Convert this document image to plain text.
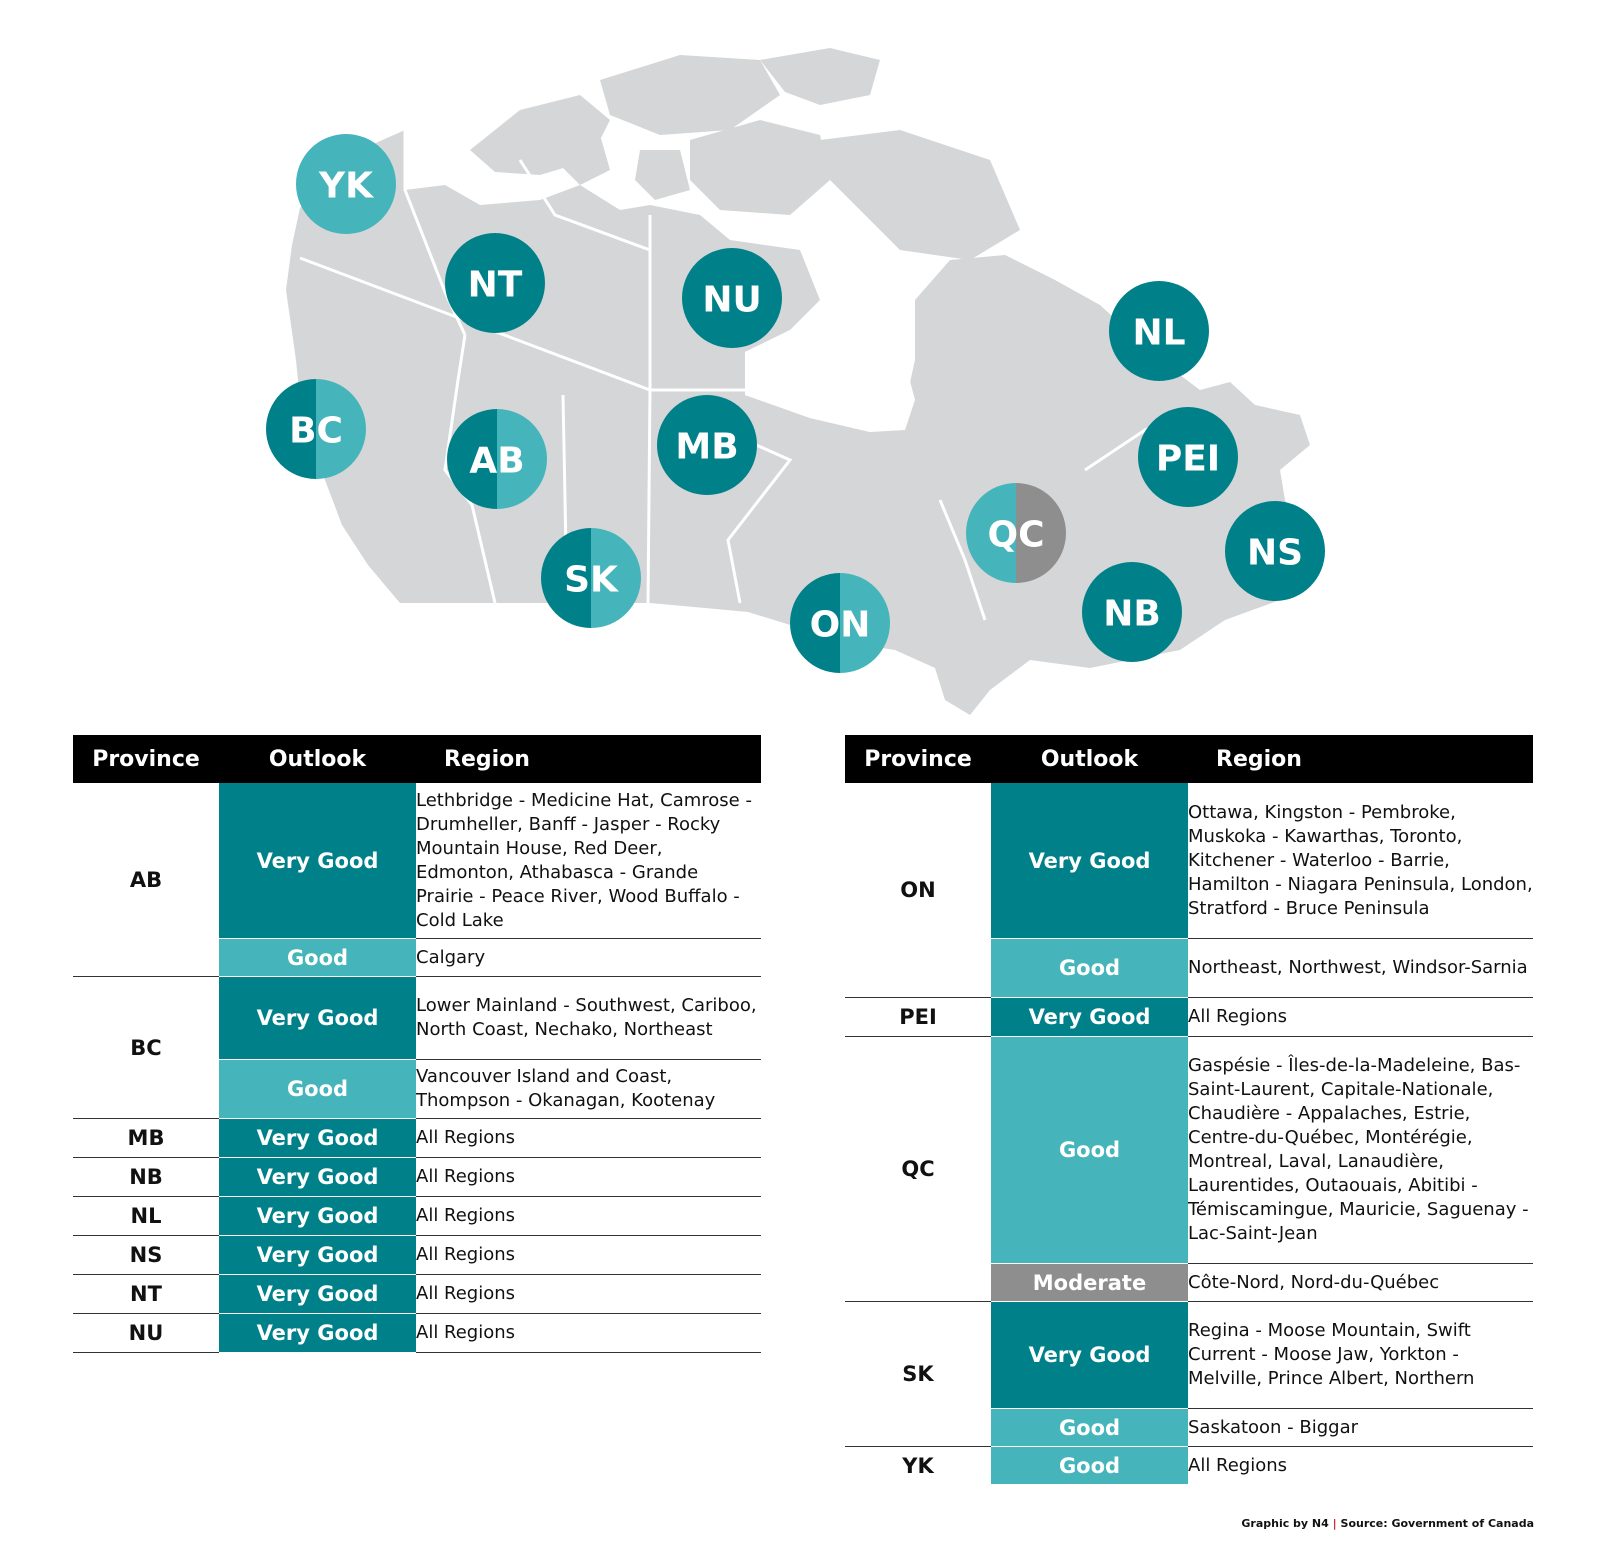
YK
NT	NU
NL
BC
AB	MB	PEI
QC	NS
SK
NB
ON
Province	Outlook	Region
AB	Very Good	Lethbridge - Medicine Hat, Camrose - Drumheller, Banff - Jasper - Rocky Mountain House, Red Deer, Edmonton, Athabasca - Grande Prairie - Peace River, Wood Buffalo - Cold Lake
	Good	Calgary
BC	Very Good	Lower Mainland - Southwest, Cariboo, North Coast, Nechako, Northeast
	Good	Vancouver Island and Coast, Thompson - Okanagan, Kootenay
MB	Very Good	All Regions
NB	Very Good	All Regions
NL	Very Good	All Regions
NS	Very Good	All Regions
NT	Very Good	All Regions
NU	Very Good	All Regions
Province	Outlook	Region
ON	Very Good	Ottawa, Kingston - Pembroke, Muskoka - Kawarthas, Toronto, Kitchener - Waterloo - Barrie, Hamilton - Niagara Peninsula, London, Stratford - Bruce Peninsula
	Good	Northeast, Northwest, Windsor-Sarnia
PEI	Very Good	All Regions
QC	Good	Gaspésie - Îles-de-la-Madeleine, Bas-Saint-Laurent, Capitale-Nationale, Chaudière - Appalaches, Estrie, Centre-du-Québec, Montérégie, Montreal, Laval, Lanaudière, Laurentides, Outaouais, Abitibi - Témiscamingue, Mauricie, Saguenay - Lac-Saint-Jean
	Moderate	Côte-Nord, Nord-du-Québec
SK	Very Good	Regina - Moose Mountain, Swift Current - Moose Jaw, Yorkton - Melville, Prince Albert, Northern
	Good	Saskatoon - Biggar
YK	Good	All Regions
Graphic by N4 | Source: Government of Canada
